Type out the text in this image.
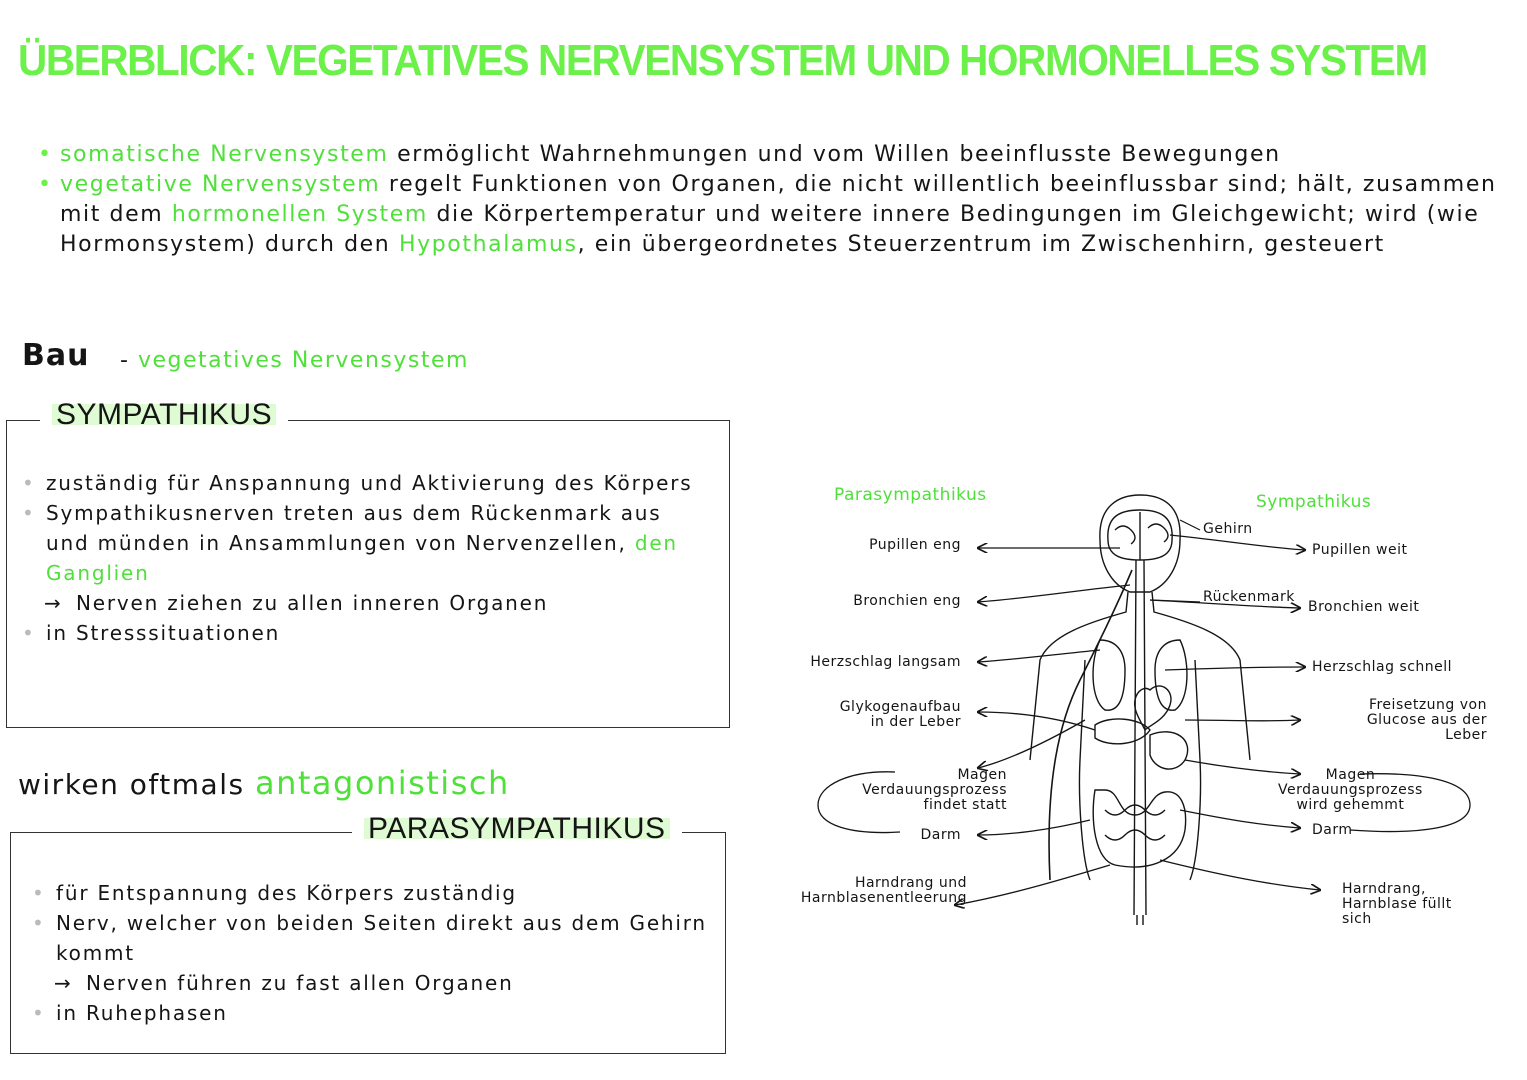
ÜBERBLICK: VEGETATIVES NERVENSYSTEM UND HORMONELLES SYSTEM

• somatische Nervensystem ermöglicht Wahrnehmungen und vom Willen beeinflusste Bewegungen

• vegetative Nervensystem regelt Funktionen von Organen, die nicht willentlich beeinflussbar sind; hält, zusammen mit dem hormonellen System die Körpertemperatur und weitere innere Bedingungen im Gleichgewicht; wird (wie Hormonsystem) durch den Hypothalamus, ein übergeordnetes Steuerzentrum im Zwischenhirn, gesteuert

Bau - vegetatives Nervensystem
SYMPATHIKUS

• zuständig für Anspannung und Aktivierung des Körpers

• Sympathikusnerven treten aus dem Rückenmark aus und münden in Ansammlungen von Nervenzellen, den Ganglien

→ Nerven ziehen zu allen inneren Organen

• in Stresssituationen

wirken oftmals antagonistisch
PARASYMPATHIKUS

• für Entspannung des Körpers zuständig

• Nerv, welcher von beiden Seiten direkt aus dem Gehirn kommt

→ Nerven führen zu fast allen Organen

• in Ruhephasen

Parasympathikus	Sympathikus
Gehirn
Rückenmark
Pupillen eng
Bronchien eng
Herzschlag langsam
Glykogenaufbau
in der Leber
Magen
Verdauungsprozess
findet statt
Darm
Harndrang und
Harnblasenentleerung
Pupillen weit
Bronchien weit
Herzschlag schnell
Freisetzung von
Glucose aus der
Leber
Magen
Verdauungsprozess
wird gehemmt
Darm
Harndrang,
Harnblase füllt
sich
